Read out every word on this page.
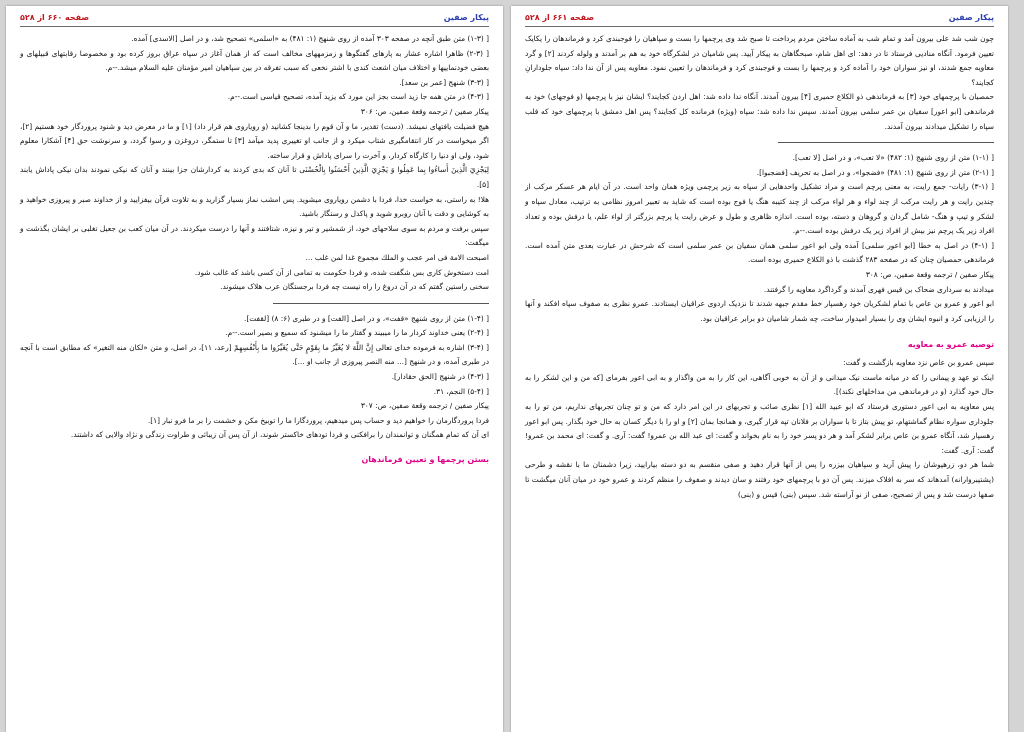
پیکار صفین
صفحه ۶۶۰ از ۵۲۸

[ (۱-۳) متن طبق آنچه در صفحه ۳۰۳ آمده از روی شنهج (۱: ۴۸۱) به «اسلمی» تصحیح شد، و در اصل [الاسدی] آمده.

[ (۲-۳) ظاهرا اشاره عشار به پارهای گفتگوها و زمزمههای مخالف است که از همان آغاز در سپاه عراق بروز کرده بود و مخصوصا رقابتهای قبیلهای و بعضی خودنماییها و اختلاف میان اشعث کندی با اشتر نخعی که سبب تفرقه در بین سپاهیان امیر مؤمنان علیه السلام میشد.--م.

[ (۳-۳) شنهج [عمر بن سعد].

[ (۴-۳) در متن همه جا زید است بجز این مورد که یزید آمده، تصحیح قیاسی است.--م.

پیکار صفین / ترجمه وقعة صفین، ص: ۳۰۶

هیچ فضیلت یافتهای نمیشد. (دست) تقدیر، ما و آن قوم را بدینجا کشانید (و رویاروی هم قرار داد) [۱] و ما در معرض دید و شنود پروردگار خود هستیم [۲]، اگر میخواست در کار انتقامگیری شتاب میکرد و از جانب او تغییری پدید میآمد [۳] تا ستمگر، دروغزن و رسوا گردد، و سرنوشت حق [۴] آشکارا معلوم شود، ولی او دنیا را کارگاه کردار، و آخرت را سرای پاداش و قرار ساخته.

لِيَجْزِيَ الَّذِينَ أَساءُوا بِما عَمِلُوا وَ يَجْزِيَ الَّذِينَ أَحْسَنُوا بِالْحُسْنَى تا آنان که بدی کردند به کردارشان جزا بینند و آنان که نیکی نمودند بدان نیکی پاداش یابند [۵].

هلا! به راستی، به خواست خدا، فردا با دشمن رویاروی میشوید. پس امشب نماز بسیار گزارید و به تلاوت قرآن بیفزایید و از خداوند صبر و پیروزی خواهید و به کوشایی و دقت با آنان روبرو شوید و پاکدل و رستگار باشید.

سپس برفت و مردم به سوی سلاحهای خود، از شمشیر و تیر و نیزه، شتافتند و آنها را درست میکردند. در آن میان کعب بن جعیل تغلبی بر ایشان بگذشت و میگفت:

اصبحت الامة فی امر عجب و الملك مجموع غدا لمن غلب ...

امت دستخوش کاری بس شگفت شده، و فردا حکومت به تمامی از آن کسی باشد که غالب شود.

سخنی راستین گفتم که در آن دروغ را راه نیست چه فردا برجستگان عرب هلاک میشوند.

[ (۱-۴) متن از روی شنهج «قفت»، و در اصل [الفت] و در طبری (۶: ۸) [لقفت].

[ (۲-۴) یعنی خداوند کردار ما را میبیند و گفتار ما را میشنود که سمیع و بصیر است.--م.

[ (۳-۴) اشاره به فرموده خدای تعالی إِنَّ اللَّهَ لا يُغَيِّرُ ما بِقَوْمٍ حَتَّى يُغَيِّرُوا ما بِأَنْفُسِهِمْ [رعد، ۱۱]، در اصل، و متن «لکان منه التغیر» که مطابق است با آنچه در طبری آمده، و در شنهج [... منه النصر پیروزی از جانب او ...].

[ (۴-۳) در شنهج [الحق حقادار].

[ (۵-۴) النجم، ۳۱.

پیکار صفین / ترجمه وقعة صفین، ص: ۳۰۷

فردا پروردگارمان را خواهیم دید و حساب پس میدهیم، پروردگارا ما را توبیخ مکن و خشمت را بر ما فرو نبار [۱].

ای آن که تمام همگنان و توانمندان را برافکنی و فردا تودهای خاکستر شوند، از آن پس آن زیبائی و طراوت زندگی و نژاد والایی که داشتند.

بستن پرچمها و تعیین فرماندهان
پیکار صفین
صفحه ۶۶۱ از ۵۲۸

چون شب شد علی بیرون آمد و تمام شب به آماده ساختن مردم پرداخت تا صبح شد وی پرچمها را بست و سپاهیان را فوجبندی کرد و فرماندهان را یکایک تعیین فرمود. آنگاه منادیی فرستاد تا در دهد: ای اهل شام، صبحگاهان به پیکار آیید. پس شامیان در لشکرگاه خود به هم بر آمدند و ولوله کردند [۲] و گرد معاویه جمع شدند، او نیز سواران خود را آماده کرد و پرچمها را بست و فوجبندی کرد و فرماندهان را تعیین نمود. معاویه پس از آن ندا داد: سپاه جلودارانِ کجایند؟

حمصیان با پرچمهای خود [۳] به فرماندهی ذو الکلاع حمیری [۴] بیرون آمدند. آنگاه ندا داده شد: اهل اردن کجایند؟ ایشان نیز با پرچمها (و فوجهای) خود به فرماندهی [ابو اعور] سفیان بن عمر سلمی بیرون آمدند. سپس ندا داده شد: سپاه (ویژه) فرمانده کل کجایند؟ پس اهل دمشق با پرچمهای خود که قلب سپاه را تشکیل میدادند بیرون آمدند.

[ (۱-۱) متن از روی شنهج (۱: ۴۸۲) «لا تعب»، و در اصل [لا تعب].

[ (۲-۱) متن از روی شنهج (۱: ۴۸۱) «فضجوا»، و در اصل به تحریف [فضجبوا].

[ (۳-۱) رایات- جمع رایت، به معنی پرچم است و مراد تشکیل واحدهایی از سپاه به زیر پرچمی ویژه همان واحد است. در آن ایام هر عسکر مرکب از چندین رایت و هر رایت مرکب از چند لواء و هر لواء مرکب از چند کتیبه هنگ یا فوج بوده است که شاید به تعبیر امروز نظامی به ترتیب، معادل سپاه و لشکر و تیپ و هنگ- شامل گردان و گروهان و دسته، بوده است. اندازه ظاهری و طول و عرض رایت یا پرچم بزرگتر از لواء علم، یا درفش بوده و تعداد افراد زیر یک پرچم نیز بیش از افراد زیر یک درفش بوده است.--م.

[ (۴-۱) در اصل به خطا [ابو اعور سلمی] آمده ولی ابو اعور سلمی همان سفیان بن عمر سلمی است که شرحش در عبارت بعدی متن آمده است. فرماندهی حمصیان چنان که در صفحه ۲۸۳ گذشت با ذو الکلاع حمیری بوده است.

پیکار صفین / ترجمه وقعة صفین، ص: ۳۰۸

میدادند به سرداری ضحاک بن قیس فهری آمدند و گرداگرد معاویه را گرفتند.

ابو اعور و عمرو بن عاص با تمام لشکریان خود رهسپار خط مقدم جبهه شدند تا نزدیک اردوی عراقیان ایستادند. عمرو نظری به صفوف سپاه افکند و آنها را ارزیابی کرد و انبوه ایشان وی را بسیار امیدوار ساخت، چه شمار شامیان دو برابر عراقیان بود.

توصیه عمرو به معاویه

سپس عمرو بن عاص نزد معاویه بازگشت و گفت:

اینک تو عهد و پیمانی را که در میانه ماست نیک میدانی و از آن به خوبی آگاهی، این کار را به من واگذار و به ابی اعور بفرمای [که من و این لشکر را به حال خود گذارد (و در فرماندهی من مداخلهای نکند)].

پس معاویه به ابی اعور دستوری فرستاد که ابو عبید الله [۱] نظری صائب و تجربهای در این امر دارد که من و تو چنان تجربهای نداریم، من تو را به جلوداری سواره نظام گماشتهام، تو پیش بتاز تا با سواران بر فلانان تپه قرار گیری، و همانجا بمان [۲] و او را با دیگر کسان به حال خود بگذار. پس ابو اعور رهسپار شد، آنگاه عمرو بن عاص برابر لشکر آمد و هر دو پسر خود را به نام بخواند و گفت: ای عبد الله بن عمرو! گفت: آری. و گفت: ای محمد بن عمرو! گفت: آری. گفت:

شما هر دو، زرهپوشان را پیش آرید و سپاهیان بیزره را پس از آنها قرار دهید و صفی منقسم به دو دسته بیارایید، زیرا دشمنان ما با نقشه و طرحی (پشتیبروارانه) آمدهاند که سر به افلاک میزند. پس آن دو با پرچمهای خود رفتند و سان دیدند و صفوف را منظم کردند و عمرو خود در میان آنان میگشت تا صفها درست شد و پس از تصحیح، صفی از نو آراسته شد. سپس (بنی) قیس و (بنی)
